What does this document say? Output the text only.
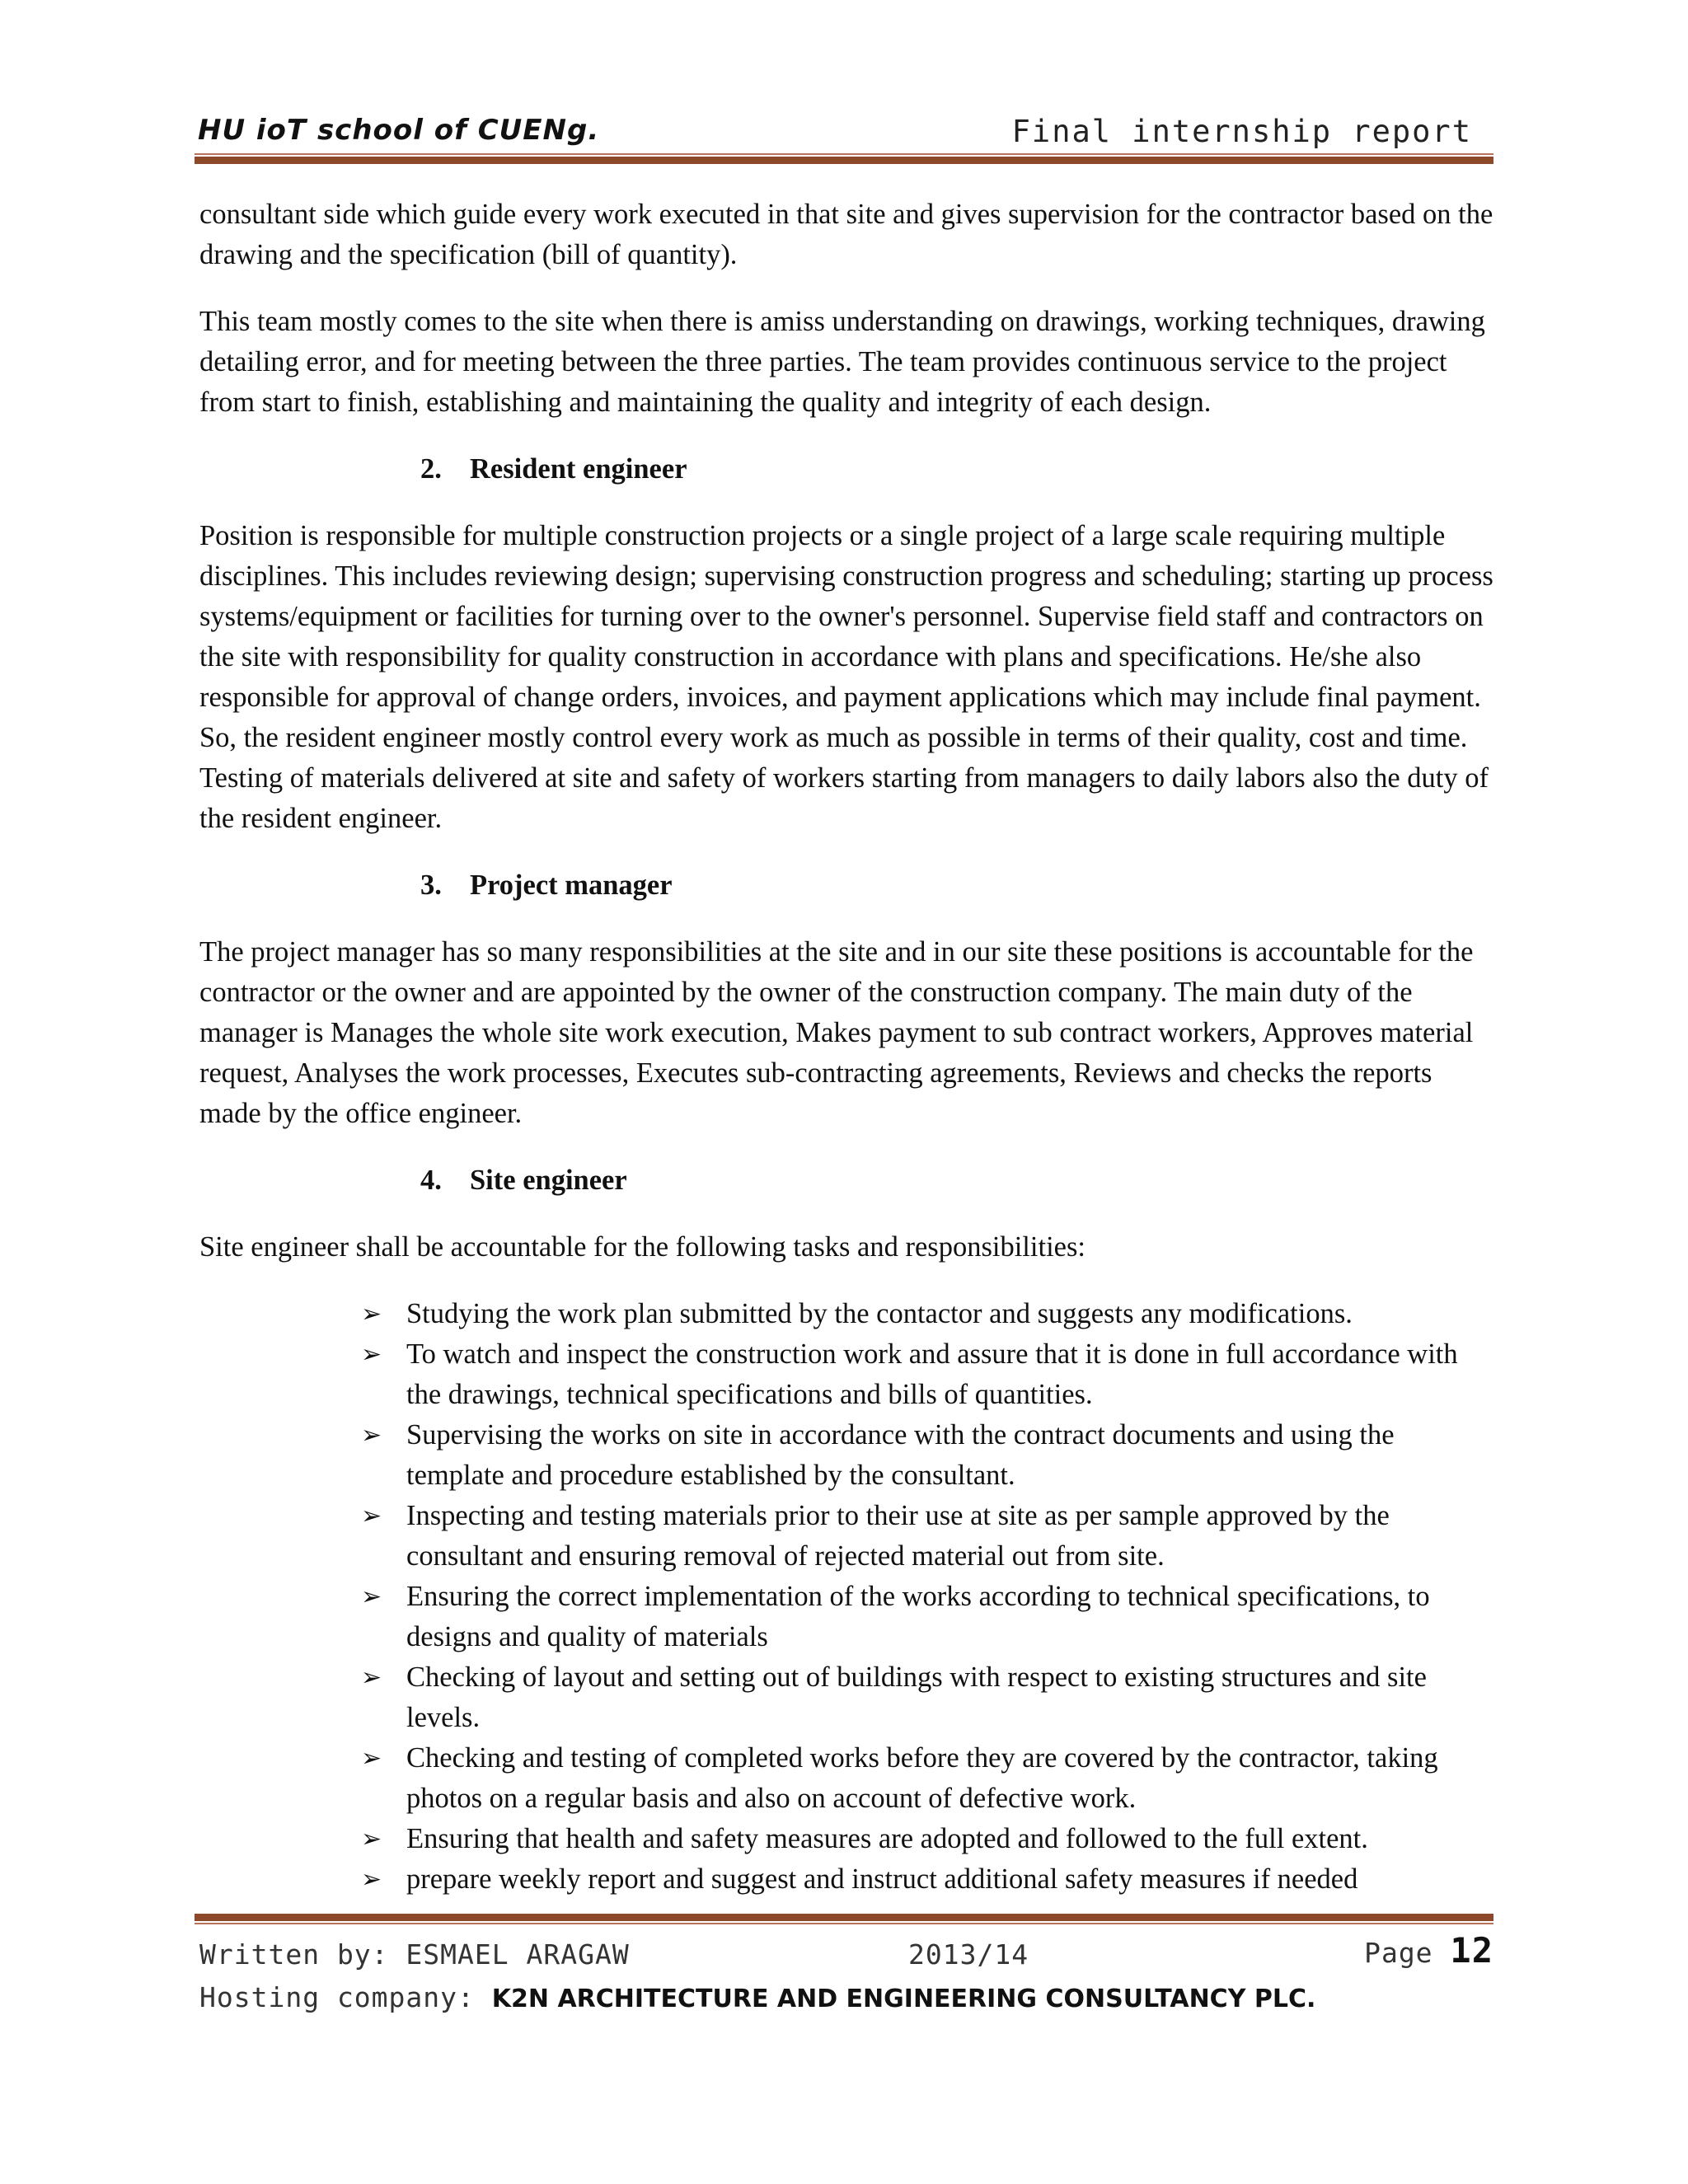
HU ioT school of CUENg.	Final internship report

consultant side which guide every work executed in that site and gives supervision for the contractor based on the drawing and the specification (bill of quantity).

This team mostly comes to the site when there is amiss understanding on drawings, working techniques, drawing detailing error, and for meeting between the three parties. The team provides continuous service to the project from start to finish, establishing and maintaining the quality and integrity of each design.

2. Resident engineer

Position is responsible for multiple construction projects or a single project of a large scale requiring multiple disciplines. This includes reviewing design; supervising construction progress and scheduling; starting up process systems/equipment or facilities for turning over to the owner's personnel. Supervise field staff and contractors on the site with responsibility for quality construction in accordance with plans and specifications. He/she also responsible for approval of change orders, invoices, and payment applications which may include final payment. So, the resident engineer mostly control every work as much as possible in terms of their quality, cost and time. Testing of materials delivered at site and safety of workers starting from managers to daily labors also the duty of the resident engineer.

3. Project manager

The project manager has so many responsibilities at the site and in our site these positions is accountable for the contractor or the owner and are appointed by the owner of the construction company. The main duty of the manager is Manages the whole site work execution, Makes payment to sub contract workers, Approves material request, Analyses the work processes, Executes sub-contracting agreements, Reviews and checks the reports made by the office engineer.

4. Site engineer

Site engineer shall be accountable for the following tasks and responsibilities:

➢ Studying the work plan submitted by the contactor and suggests any modifications.
➢ To watch and inspect the construction work and assure that it is done in full accordance with the drawings, technical specifications and bills of quantities.
➢ Supervising the works on site in accordance with the contract documents and using the template and procedure established by the consultant.
➢ Inspecting and testing materials prior to their use at site as per sample approved by the consultant and ensuring removal of rejected material out from site.
➢ Ensuring the correct implementation of the works according to technical specifications, to designs and quality of materials
➢ Checking of layout and setting out of buildings with respect to existing structures and site levels.
➢ Checking and testing of completed works before they are covered by the contractor, taking photos on a regular basis and also on account of defective work.
➢ Ensuring that health and safety measures are adopted and followed to the full extent.
➢ prepare weekly report and suggest and instruct additional safety measures if needed
Written by: ESMAEL ARAGAW	2013/14	Page 12
Hosting company: K2N ARCHITECTURE AND ENGINEERING CONSULTANCY PLC.
